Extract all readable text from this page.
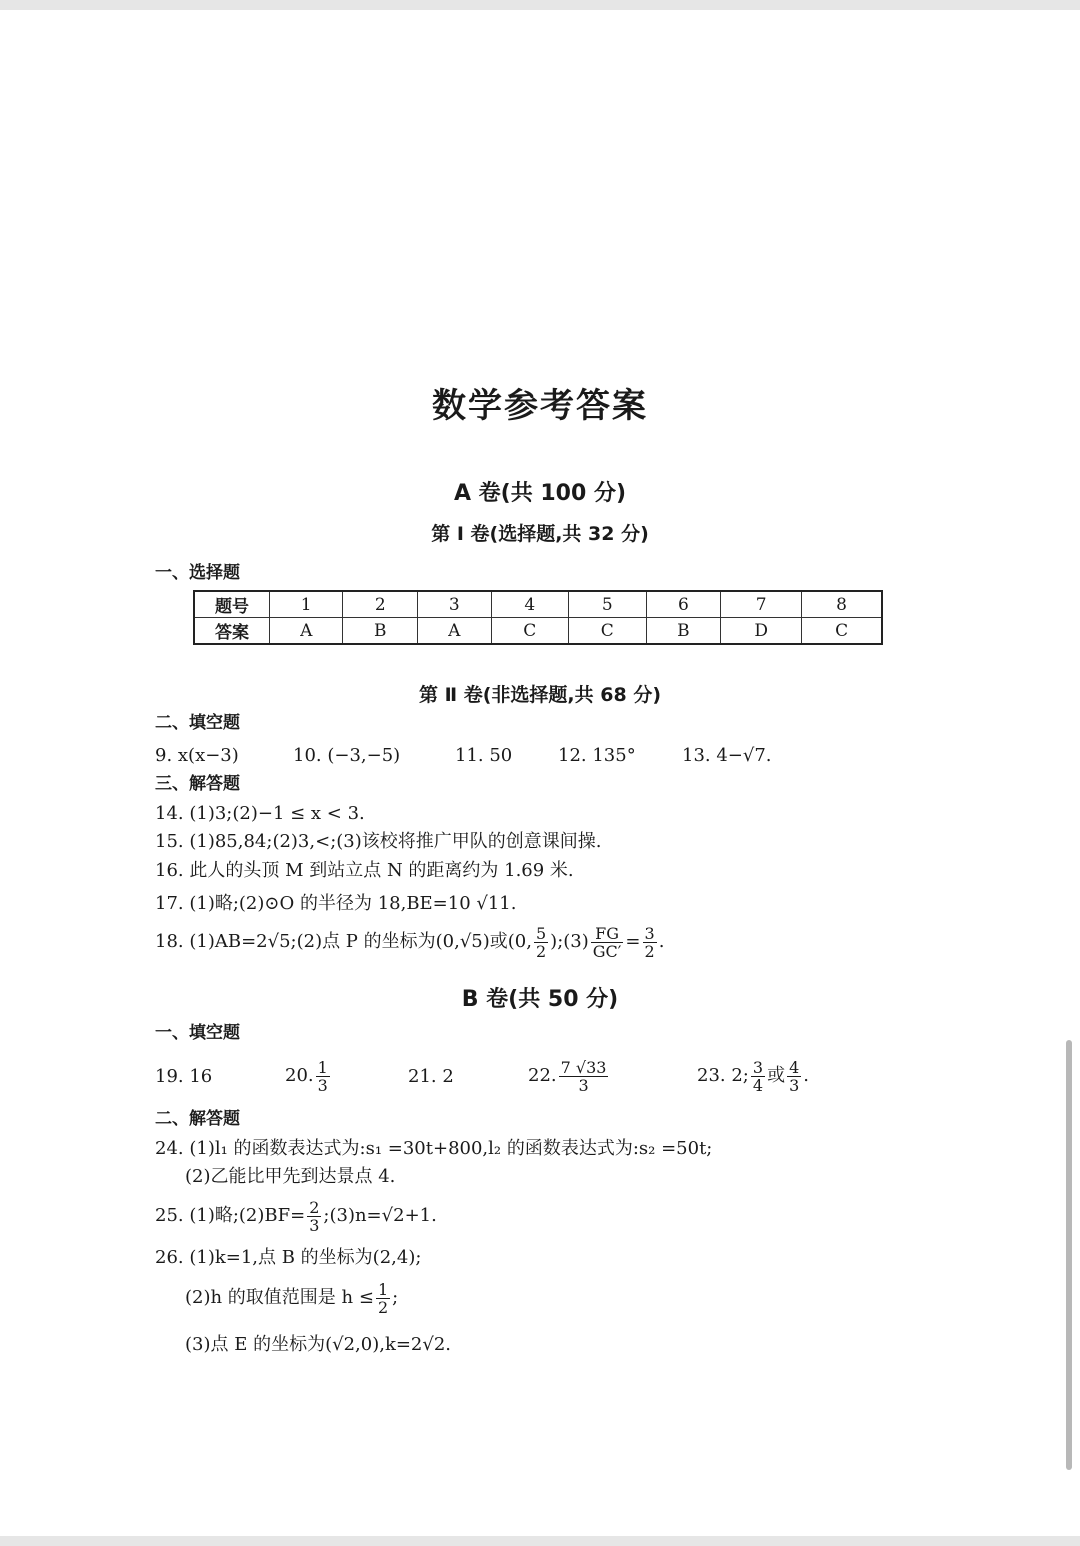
数学参考答案
A 卷(共 100 分)
第 Ⅰ 卷(选择题,共 32 分)
一、选择题
题号	1	2	3	4	5	6	7	8
答案	A	B	A	C	C	B	D	C
第 Ⅱ 卷(非选择题,共 68 分)
二、填空题
9. x(x−3)	10. (−3,−5)	11. 50	12. 135°	13. 4−√7.
三、解答题
14. (1)3;(2)−1 ≤ x < 3.
15. (1)85,84;(2)3,<;(3)该校将推广甲队的创意课间操.
16. 此人的头顶 M 到站立点 N 的距离约为 1.69 米.
17. (1)略;(2)⊙O 的半径为 18,BE=10 √11.
18. (1)AB=2√5;(2)点 P 的坐标为(0,√5)或(0, $\frac{5}{2}$ );(3) $\frac{FG}{GC'} = \frac{3}{2}$ .
B 卷(共 50 分)
一、填空题
19. 16	20. $\frac{1}{3}$	21. 2	22. $\frac{7 √33}{3}$	23. 2; $\frac{3}{4}$ 或 $\frac{4}{3}$ .
二、解答题
24. (1)l₁ 的函数表达式为:s₁ =30t+800,l₂ 的函数表达式为:s₂ =50t;
(2)乙能比甲先到达景点 4.
25. (1)略;(2)BF= $\frac{2}{3}$ ;(3)n=√2+1.
26. (1)k=1,点 B 的坐标为(2,4);
(2)h 的取值范围是 $h \le \frac{1}{2}$ ;
(3)点 E 的坐标为(√2,0),k=2√2.
